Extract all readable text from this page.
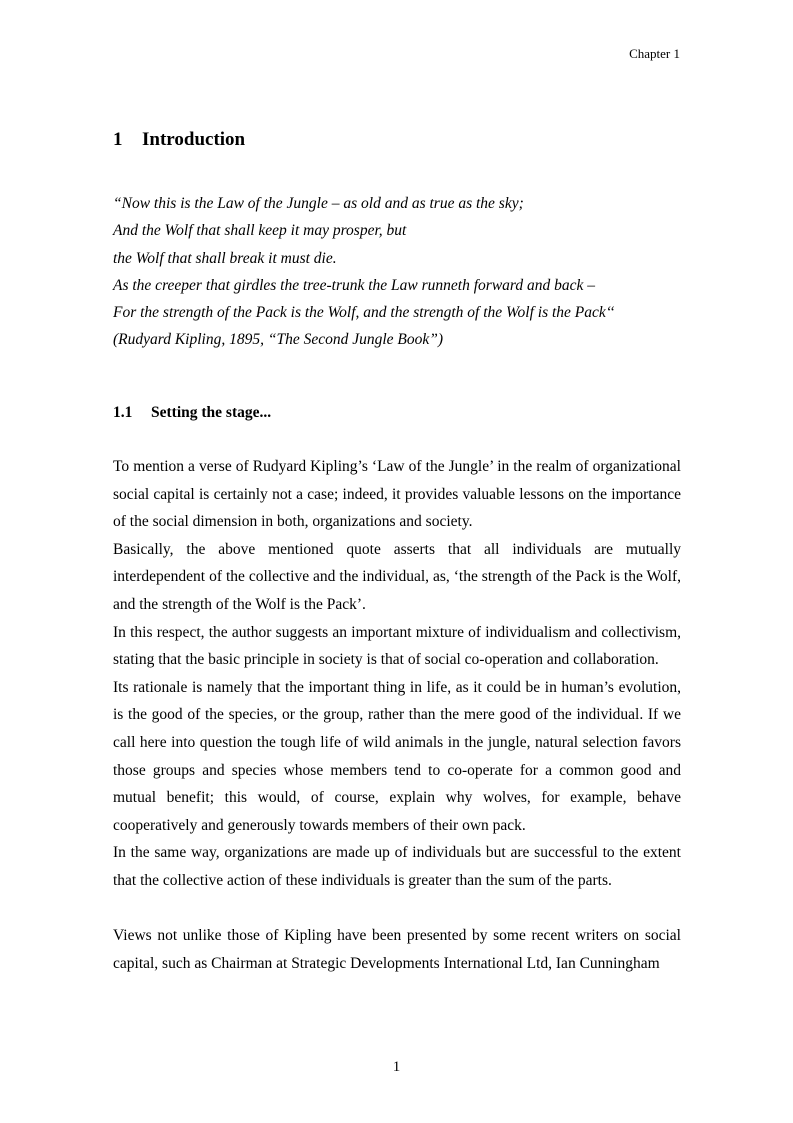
Chapter 1
1 Introduction
“Now this is the Law of the Jungle – as old and as true as the sky;
And the Wolf that shall keep it may prosper, but
the Wolf that shall break it must die.
As the creeper that girdles the tree-trunk the Law runneth forward and back –
For the strength of the Pack is the Wolf, and the strength of the Wolf is the Pack‘‘
(Rudyard Kipling, 1895, “The Second Jungle Book”)
1.1 Setting the stage...

To mention a verse of Rudyard Kipling’s ‘Law of the Jungle’ in the realm of organizational social capital is certainly not a case; indeed, it provides valuable lessons on the importance of the social dimension in both, organizations and society.

Basically, the above mentioned quote asserts that all individuals are mutually interdependent of the collective and the individual, as, ‘the strength of the Pack is the Wolf, and the strength of the Wolf is the Pack’.

In this respect, the author suggests an important mixture of individualism and collectivism, stating that the basic principle in society is that of social co-operation and collaboration.

Its rationale is namely that the important thing in life, as it could be in human’s evolution, is the good of the species, or the group, rather than the mere good of the individual. If we call here into question the tough life of wild animals in the jungle, natural selection favors those groups and species whose members tend to co-operate for a common good and mutual benefit; this would, of course, explain why wolves, for example, behave cooperatively and generously towards members of their own pack.

In the same way, organizations are made up of individuals but are successful to the extent that the collective action of these individuals is greater than the sum of the parts.

Views not unlike those of Kipling have been presented by some recent writers on social capital, such as Chairman at Strategic Developments International Ltd, Ian Cunningham

1
